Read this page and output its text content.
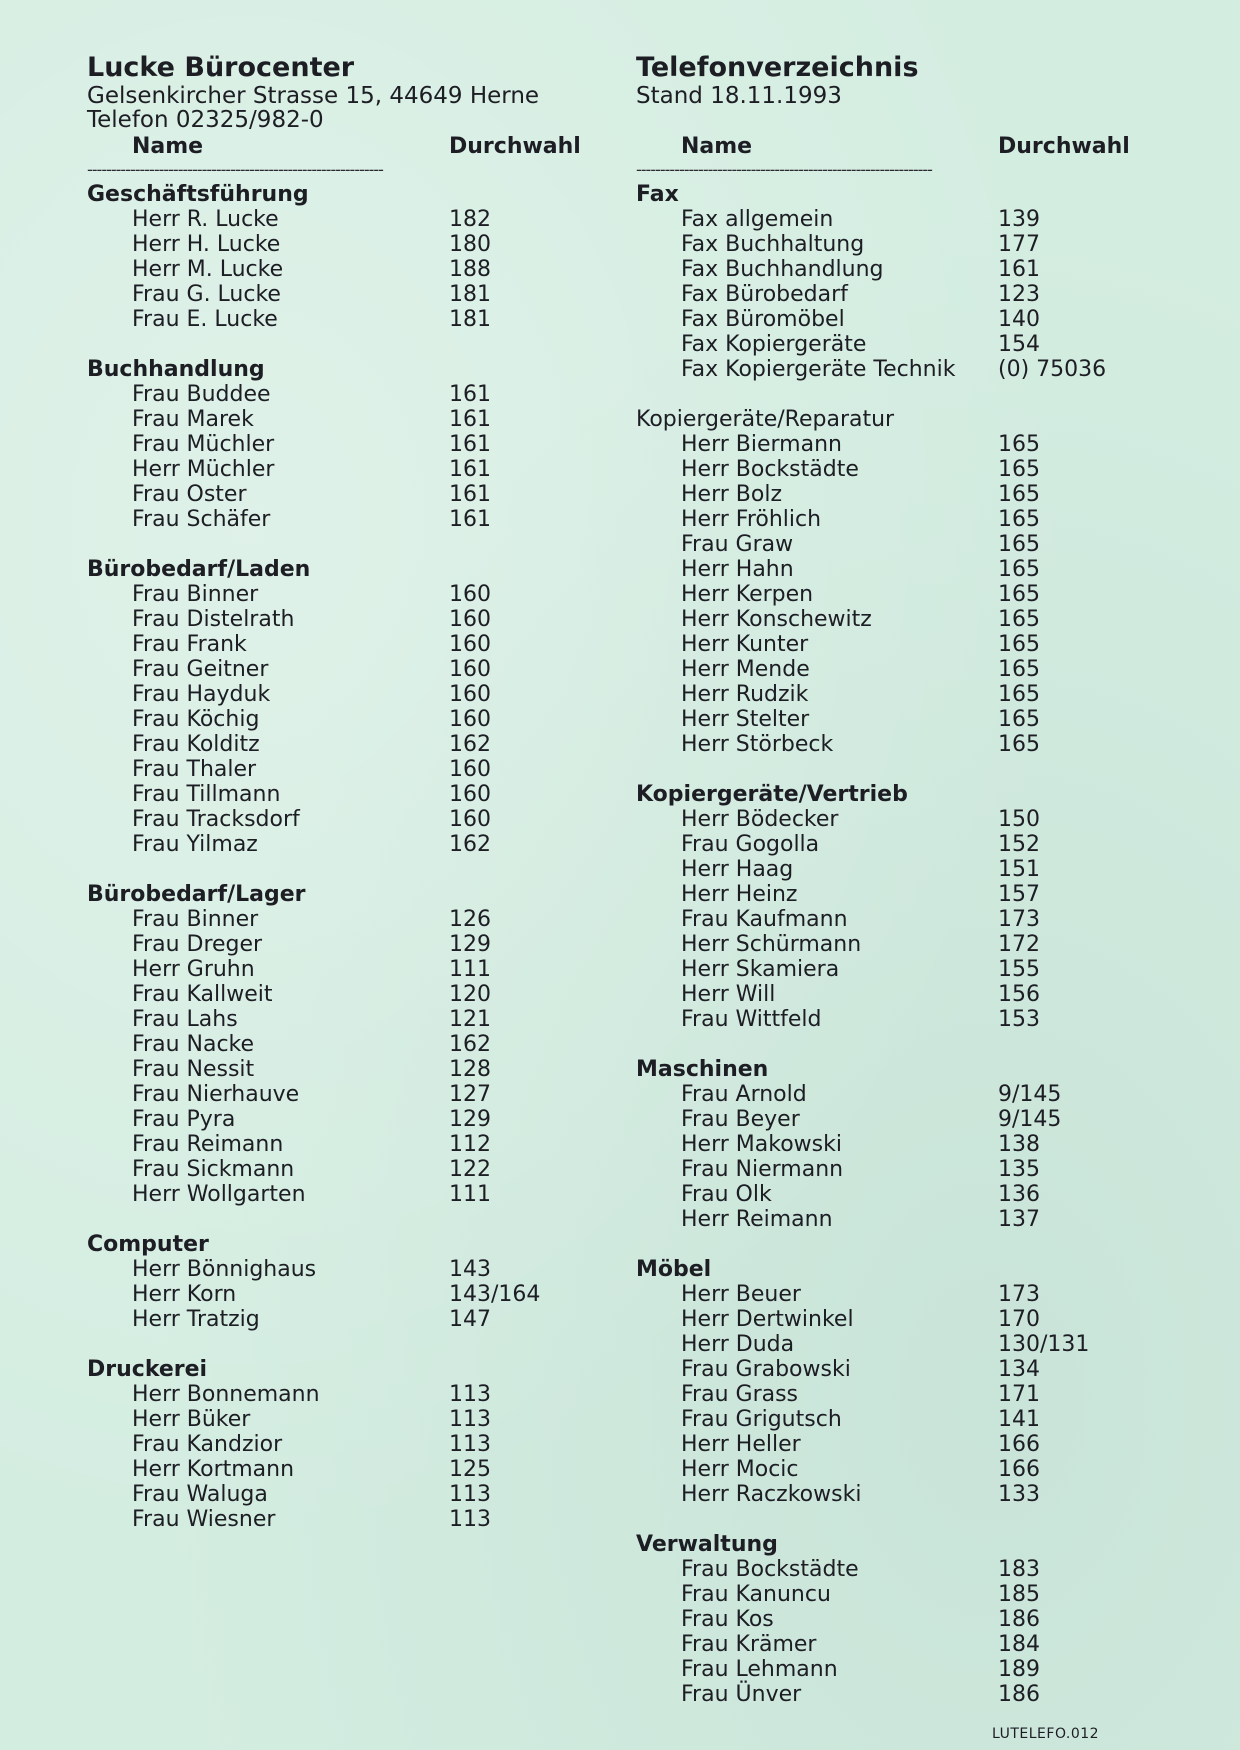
Lucke Bürocenter
Gelsenkircher Strasse 15, 44649 Herne
Telefon 02325/982-0
Name	Durchwahl
--------------------------------------------------------------
Geschäftsführung
Herr R. Lucke	182
Herr H. Lucke	180
Herr M. Lucke	188
Frau G. Lucke	181
Frau E. Lucke	181
Buchhandlung
Frau Buddee	161
Frau Marek	161
Frau Müchler	161
Herr Müchler	161
Frau Oster	161
Frau Schäfer	161
Bürobedarf/Laden
Frau Binner	160
Frau Distelrath	160
Frau Frank	160
Frau Geitner	160
Frau Hayduk	160
Frau Köchig	160
Frau Kolditz	162
Frau Thaler	160
Frau Tillmann	160
Frau Tracksdorf	160
Frau Yilmaz	162
Bürobedarf/Lager
Frau Binner	126
Frau Dreger	129
Herr Gruhn	111
Frau Kallweit	120
Frau Lahs	121
Frau Nacke	162
Frau Nessit	128
Frau Nierhauve	127
Frau Pyra	129
Frau Reimann	112
Frau Sickmann	122
Herr Wollgarten	111
Computer
Herr Bönnighaus	143
Herr Korn	143/164
Herr Tratzig	147
Druckerei
Herr Bonnemann	113
Herr Büker	113
Frau Kandzior	113
Herr Kortmann	125
Frau Waluga	113
Frau Wiesner	113
Telefonverzeichnis
Stand 18.11.1993
Name	Durchwahl
--------------------------------------------------------------
Fax
Fax allgemein	139
Fax Buchhaltung	177
Fax Buchhandlung	161
Fax Bürobedarf	123
Fax Büromöbel	140
Fax Kopiergeräte	154
Fax Kopiergeräte Technik (0) 75036
Kopiergeräte/Reparatur
Herr Biermann	165
Herr Bockstädte	165
Herr Bolz	165
Herr Fröhlich	165
Frau Graw	165
Herr Hahn	165
Herr Kerpen	165
Herr Konschewitz	165
Herr Kunter	165
Herr Mende	165
Herr Rudzik	165
Herr Stelter	165
Herr Störbeck	165
Kopiergeräte/Vertrieb
Herr Bödecker	150
Frau Gogolla	152
Herr Haag	151
Herr Heinz	157
Frau Kaufmann	173
Herr Schürmann	172
Herr Skamiera	155
Herr Will	156
Frau Wittfeld	153
Maschinen
Frau Arnold	9/145
Frau Beyer	9/145
Herr Makowski	138
Frau Niermann	135
Frau Olk	136
Herr Reimann	137
Möbel
Herr Beuer	173
Herr Dertwinkel	170
Herr Duda	130/131
Frau Grabowski	134
Frau Grass	171
Frau Grigutsch	141
Herr Heller	166
Herr Mocic	166
Herr Raczkowski	133
Verwaltung
Frau Bockstädte	183
Frau Kanuncu	185
Frau Kos	186
Frau Krämer	184
Frau Lehmann	189
Frau Ünver	186
LUTELEFO.012
